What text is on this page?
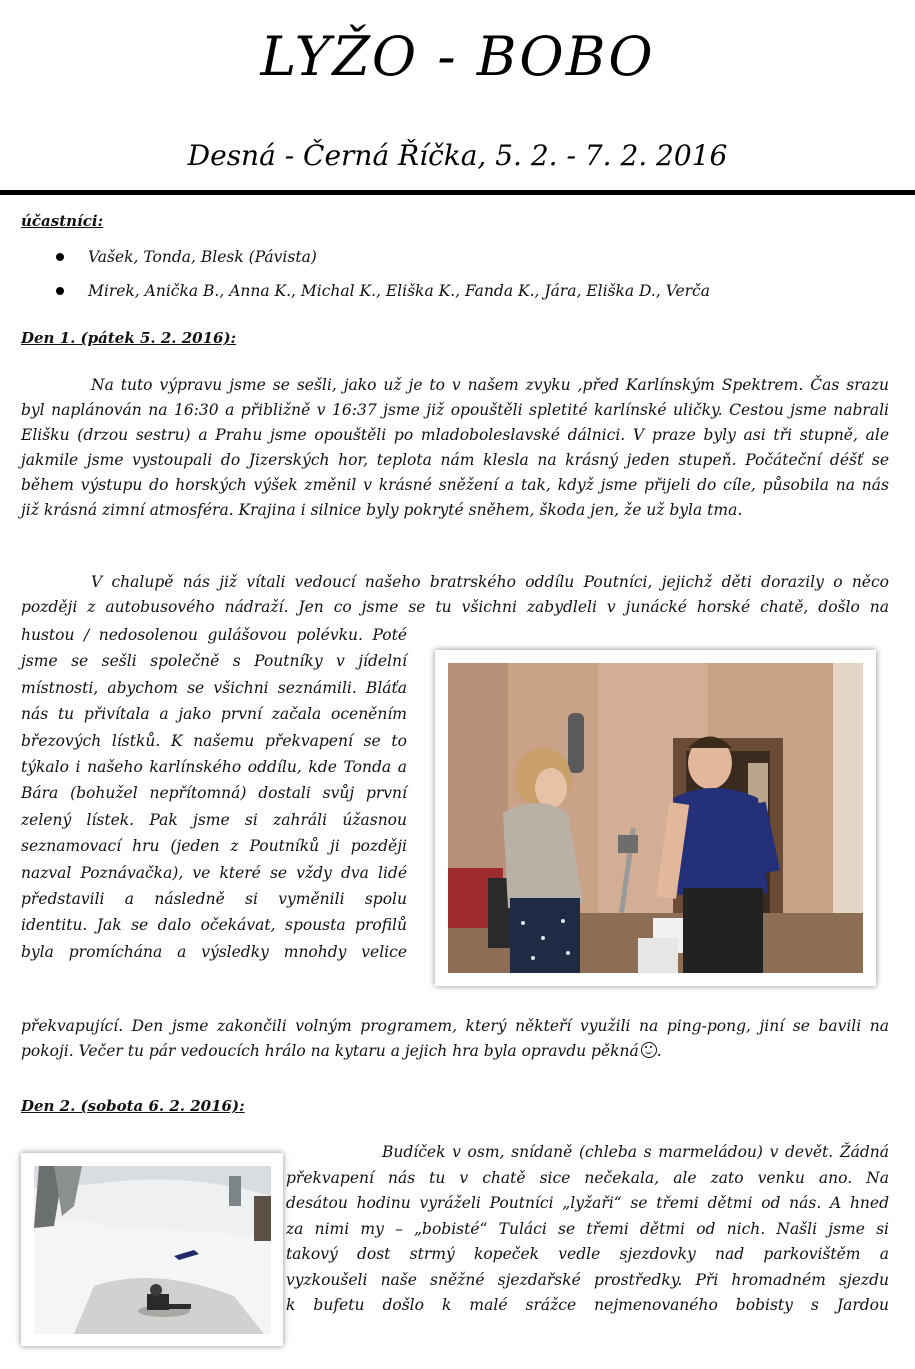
LYŽO - BOBO
Desná - Černá Říčka, 5. 2. - 7. 2. 2016
účastníci:
Vašek, Tonda, Blesk (Pávista)
Mirek, Anička B., Anna K., Michal K., Eliška K., Fanda K., Jára, Eliška D., Verča
Den 1. (pátek 5. 2. 2016):
Na tuto výpravu jsme se sešli, jako už je to v našem zvyku ,před Karlínským Spektrem. Čas srazu
byl naplánován na 16:30 a přibližně v 16:37 jsme již opouštěli spletité karlínské uličky. Cestou jsme nabrali
Elišku (drzou sestru) a Prahu jsme opouštěli po mladoboleslavské dálnici. V praze byly asi tři stupně, ale
jakmile jsme vystoupali do Jizerských hor, teplota nám klesla na krásný jeden stupeň. Počáteční déšť se
během výstupu do horských výšek změnil v krásné sněžení a tak, když jsme přijeli do cíle, působila na nás
již krásná zimní atmosféra. Krajina i silnice byly pokryté sněhem, škoda jen, že už byla tma.
V chalupě nás již vítali vedoucí našeho bratrského oddílu Poutníci, jejichž děti dorazily o něco
později z autobusového nádraží. Jen co jsme se tu všichni zabydleli v junácké horské chatě, došlo na
hustou / nedosolenou gulášovou polévku. Poté
jsme se sešli společně s Poutníky v jídelní
místnosti, abychom se všichni seznámili. Bláťa
nás tu přivítala a jako první začala oceněním
březových lístků. K našemu překvapení se to
týkalo i našeho karlínského oddílu, kde Tonda a
Bára (bohužel nepřítomná) dostali svůj první
zelený lístek. Pak jsme si zahráli úžasnou
seznamovací hru (jeden z Poutníků ji později
nazval Poznávačka), ve které se vždy dva lidé
představili a následně si vyměnili spolu
identitu. Jak se dalo očekávat, spousta profilů
byla promíchána a výsledky mnohdy velice
překvapující. Den jsme zakončili volným programem, který někteří využili na ping-pong, jiní se bavili na
pokoji. Večer tu pár vedoucích hrálo na kytaru a jejich hra byla opravdu pěkná .
Den 2. (sobota 6. 2. 2016):
Budíček v osm, snídaně (chleba s marmeládou) v devět. Žádná
překvapení nás tu v chatě sice nečekala, ale zato venku ano. Na
desátou hodinu vyráželi Poutníci „lyžaři“ se třemi dětmi od nás. A hned
za nimi my – „bobisté“ Tuláci se třemi dětmi od nich. Našli jsme si
takový dost strmý kopeček vedle sjezdovky nad parkovištěm a
vyzkoušeli naše sněžné sjezdařské prostředky. Při hromadném sjezdu
k bufetu došlo k malé srážce nejmenovaného bobisty s Jardou
